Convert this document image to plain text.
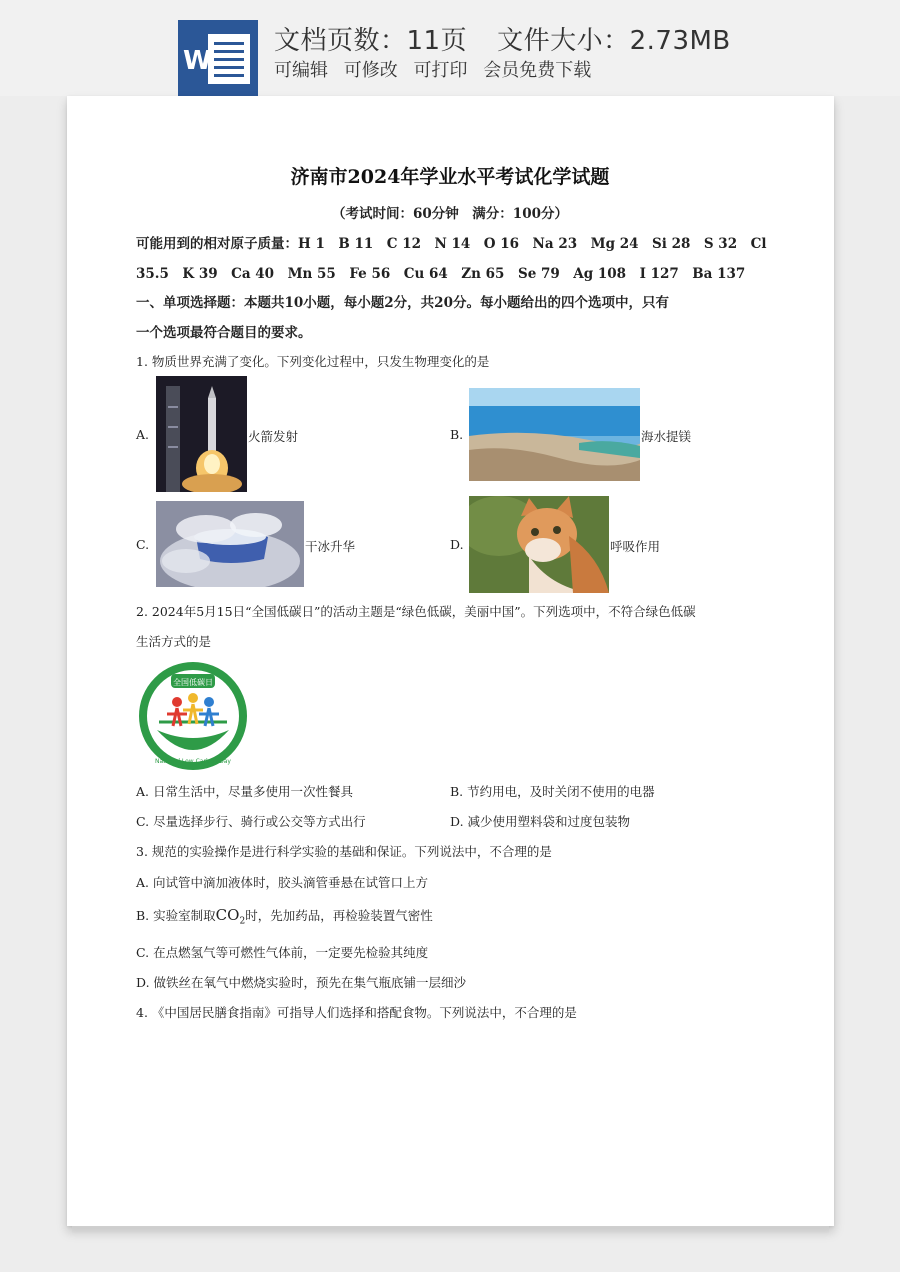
W
文档页数：11页 文件大小：2.73MB
可编辑 可修改 可打印 会员免费下载
济南市2024年学业水平考试化学试题
（考试时间：60分钟　满分：100分）
可能用到的相对原子质量：H 1　B 11　C 12　N 14　O 16　Na 23　Mg 24　Si 28　S 32　Cl
35.5　K 39　Ca 40　Mn 55　Fe 56　Cu 64　Zn 65　Se 79　Ag 108　I 127　Ba 137
一、单项选择题：本题共10小题，每小题2分，共20分。每小题给出的四个选项中，只有
一个选项最符合题目的要求。
1. 物质世界充满了变化。下列变化过程中，只发生物理变化的是
A.	火箭发射	B.	海水提镁
C.	干冰升华	D.	呼吸作用
2. 2024年5月15日“全国低碳日”的活动主题是“绿色低碳，美丽中国”。下列选项中，不符合绿色低碳
生活方式的是
全国低碳日
National Low Carbon Day
A. 日常生活中，尽量多使用一次性餐具	B. 节约用电，及时关闭不使用的电器
C. 尽量选择步行、骑行或公交等方式出行	D. 减少使用塑料袋和过度包装物
3. 规范的实验操作是进行科学实验的基础和保证。下列说法中，不合理的是
A. 向试管中滴加液体时，胶头滴管垂悬在试管口上方
B. 实验室制取$CO_2$时，先加药品，再检验装置气密性
C. 在点燃氢气等可燃性气体前，一定要先检验其纯度
D. 做铁丝在氧气中燃烧实验时，预先在集气瓶底铺一层细沙
4. 《中国居民膳食指南》可指导人们选择和搭配食物。下列说法中，不合理的是
